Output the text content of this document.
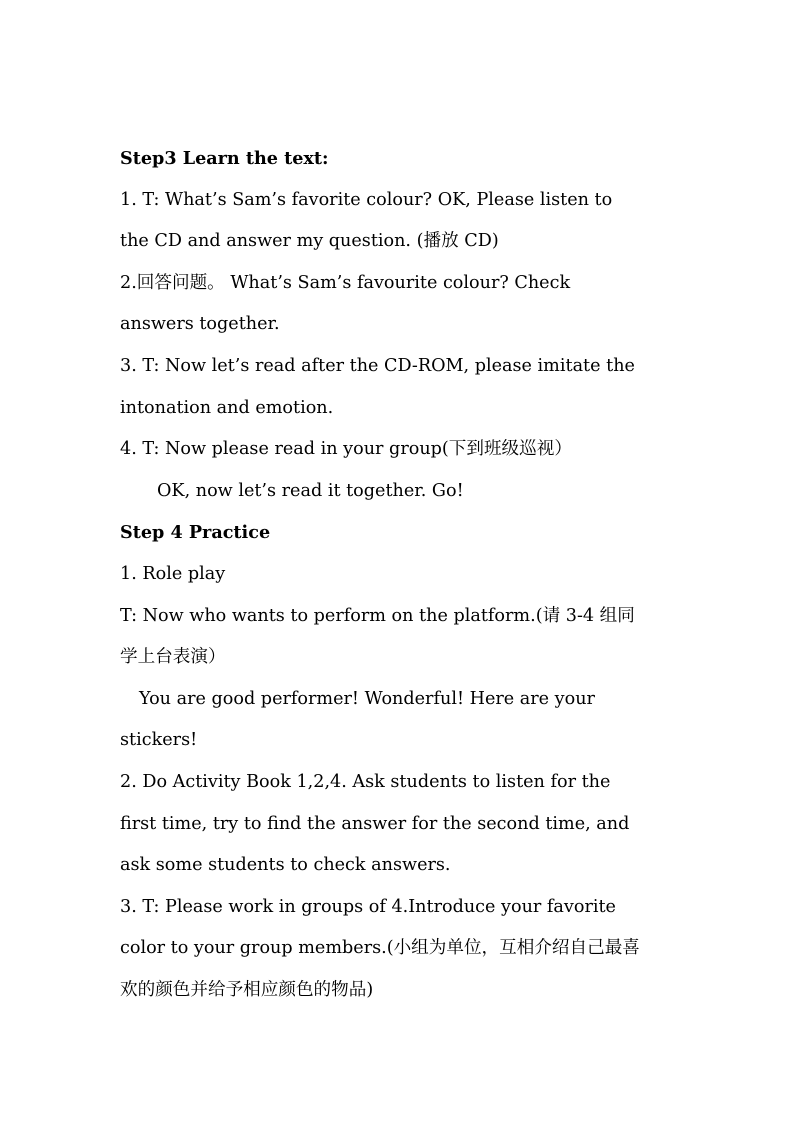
Step3 Learn the text:
1. T: What’s Sam’s favorite colour? OK, Please listen to
the CD and answer my question. (播放 CD)
2.回答问题。 What’s Sam’s favourite colour? Check
answers together.
3. T: Now let’s read after the CD-ROM, please imitate the
intonation and emotion.
4. T: Now please read in your group(下到班级巡视）
OK, now let’s read it together. Go!
Step 4 Practice
1. Role play
T: Now who wants to perform on the platform.(请 3-4 组同
学上台表演）
You are good performer! Wonderful! Here are your
stickers!
2. Do Activity Book 1,2,4. Ask students to listen for the
first time, try to find the answer for the second time, and
ask some students to check answers.
3. T: Please work in groups of 4.Introduce your favorite
color to your group members.(小组为单位，互相介绍自己最喜
欢的颜色并给予相应颜色的物品)
